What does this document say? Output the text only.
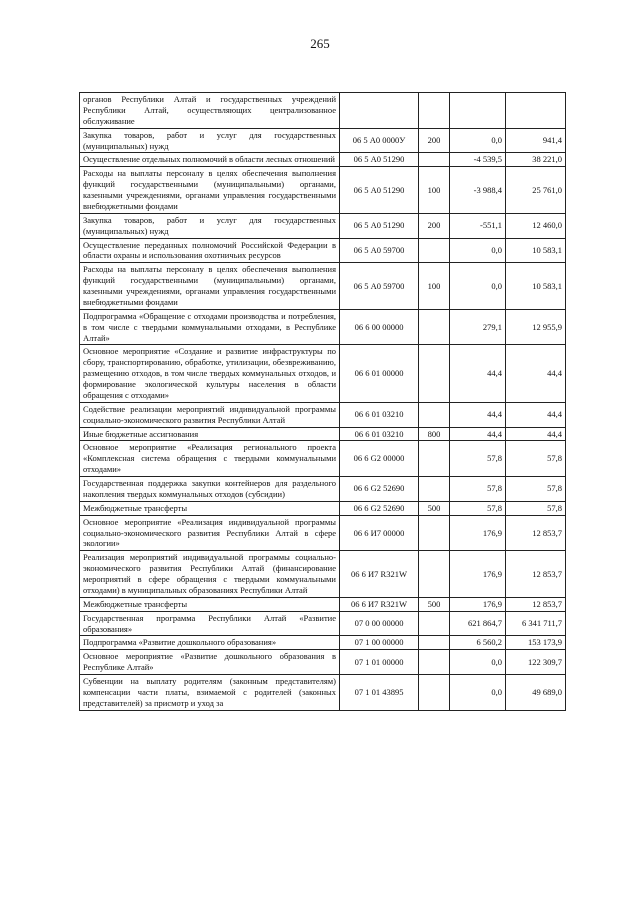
265
органов Республики Алтай и государственных учреждений Республики Алтай, осуществляющих централизованное обслуживание				
Закупка товаров, работ и услуг для государственных (муниципальных) нужд	06 5 А0 0000У	200	0,0	941,4
Осуществление отдельных полномочий в области лесных отношений	06 5 А0 51290		-4 539,5	38 221,0
Расходы на выплаты персоналу в целях обеспечения выполнения функций государственными (муниципальными) органами, казенными учреждениями, органами управления государственными внебюджетными фондами	06 5 А0 51290	100	-3 988,4	25 761,0
Закупка товаров, работ и услуг для государственных (муниципальных) нужд	06 5 А0 51290	200	-551,1	12 460,0
Осуществление переданных полномочий Российской Федерации в области охраны и использования охотничьих ресурсов	06 5 А0 59700		0,0	10 583,1
Расходы на выплаты персоналу в целях обеспечения выполнения функций государственными (муниципальными) органами, казенными учреждениями, органами управления государственными внебюджетными фондами	06 5 А0 59700	100	0,0	10 583,1
Подпрограмма «Обращение с отходами производства и потребления, в том числе с твердыми коммунальными отходами, в Республике Алтай»	06 6 00 00000		279,1	12 955,9
Основное мероприятие «Создание и развитие инфраструктуры по сбору, транспортированию, обработке, утилизации, обезвреживанию, размещению отходов, в том числе твердых коммунальных отходов, и формирование экологической культуры населения в области обращения с отходами»	06 6 01 00000		44,4	44,4
Содействие реализации мероприятий индивидуальной программы социально-экономического развития Республики Алтай	06 6 01 03210		44,4	44,4
Иные бюджетные ассигнования	06 6 01 03210	800	44,4	44,4
Основное мероприятие «Реализация регионального проекта «Комплексная система обращения с твердыми коммунальными отходами»	06 6 G2 00000		57,8	57,8
Государственная поддержка закупки контейнеров для раздельного накопления твердых коммунальных отходов (субсидии)	06 6 G2 52690		57,8	57,8
Межбюджетные трансферты	06 6 G2 52690	500	57,8	57,8
Основное мероприятие «Реализация индивидуальной программы социально-экономического развития Республики Алтай в сфере экологии»	06 6 И7 00000		176,9	12 853,7
Реализация мероприятий индивидуальной программы социально-экономического развития Республики Алтай (финансирование мероприятий в сфере обращения с твердыми коммунальными отходами) в муниципальных образованиях Республики Алтай	06 6 И7 R321W		176,9	12 853,7
Межбюджетные трансферты	06 6 И7 R321W	500	176,9	12 853,7
Государственная программа Республики Алтай «Развитие образования»	07 0 00 00000		621 864,7	6 341 711,7
Подпрограмма «Развитие дошкольного образования»	07 1 00 00000		6 560,2	153 173,9
Основное мероприятие «Развитие дошкольного образования в Республике Алтай»	07 1 01 00000		0,0	122 309,7
Субвенции на выплату родителям (законным представителям) компенсации части платы, взимаемой с родителей (законных представителей) за присмотр и уход за	07 1 01 43895		0,0	49 689,0
